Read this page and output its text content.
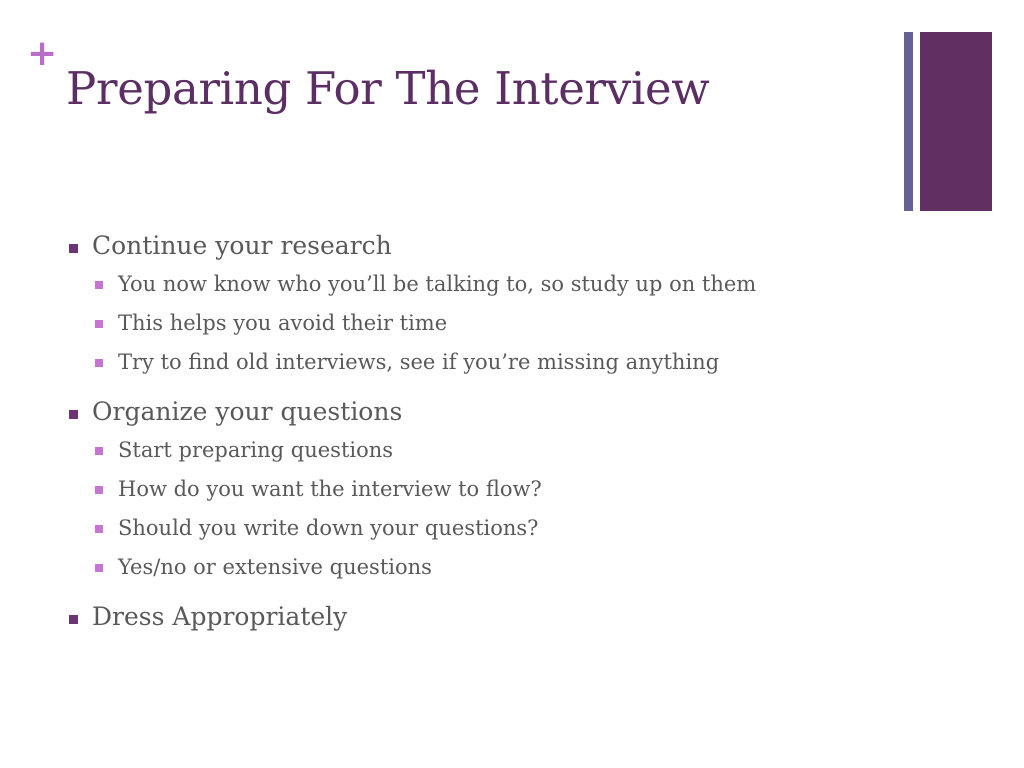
+
Preparing For The Interview
Continue your research
You now know who you’ll be talking to, so study up on them
This helps you avoid their time
Try to find old interviews, see if you’re missing anything
Organize your questions
Start preparing questions
How do you want the interview to flow?
Should you write down your questions?
Yes/no or extensive questions
Dress Appropriately
